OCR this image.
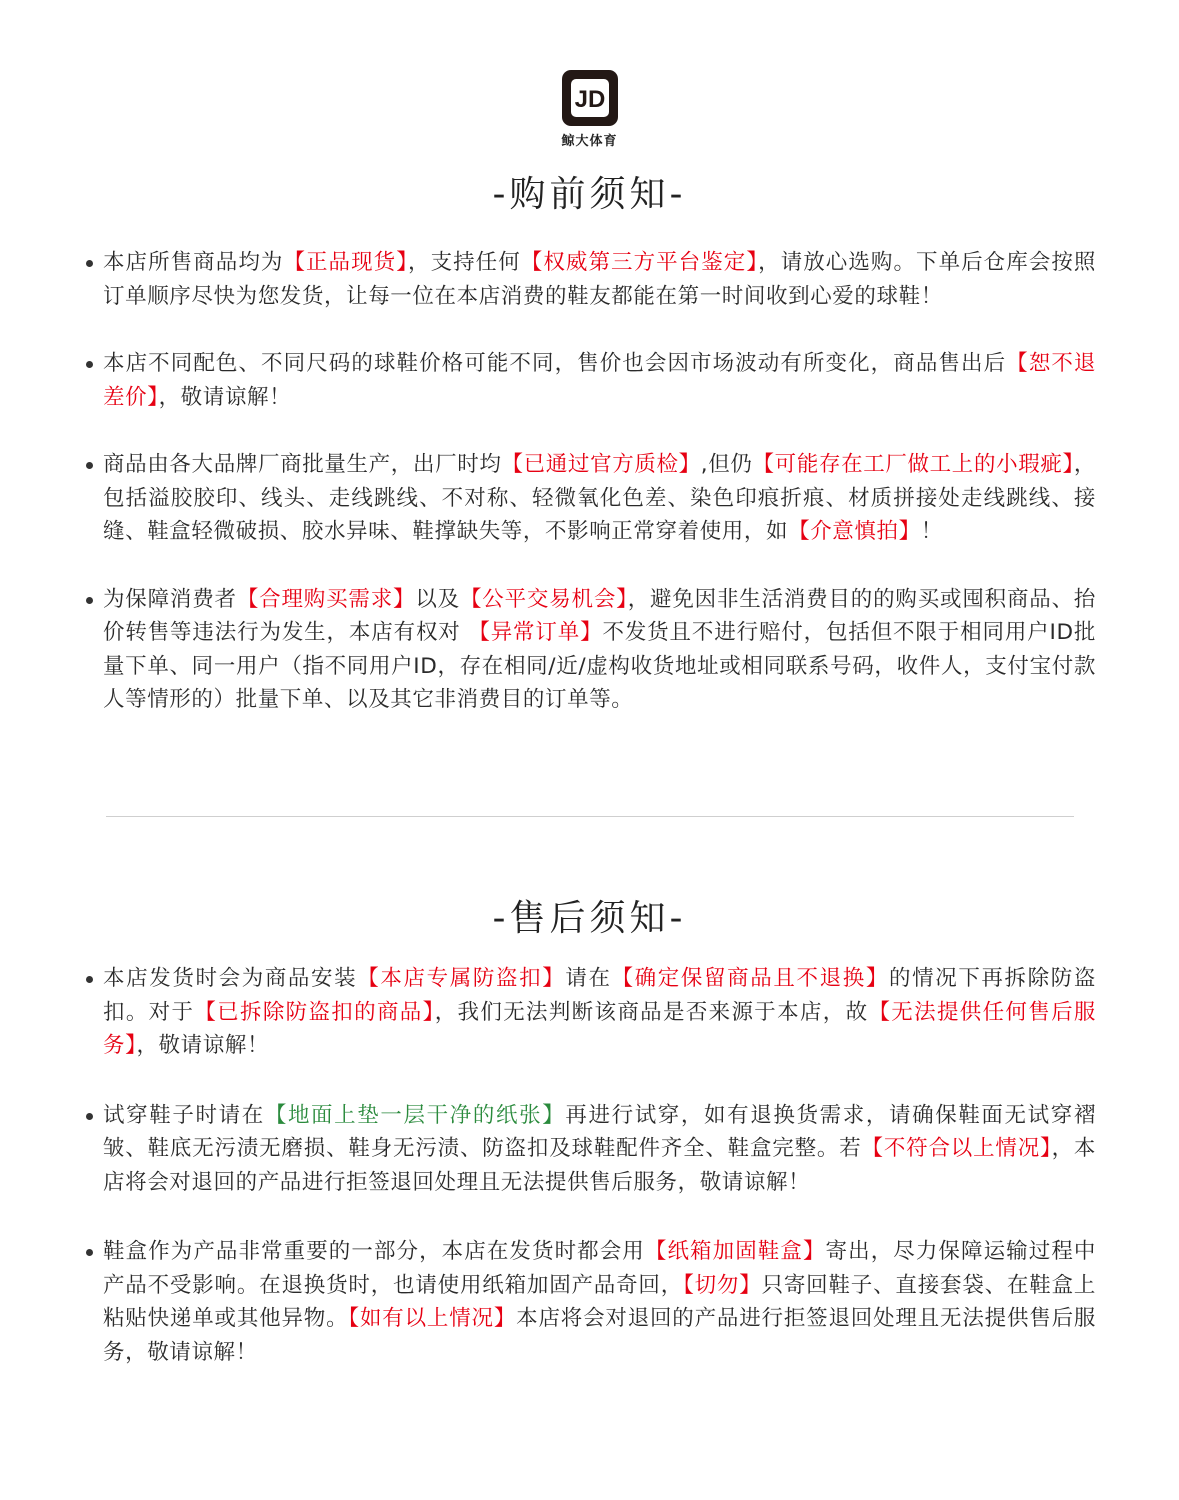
JD
鲸大体育
-购前须知-
本店所售商品均为【正品现货】，支持任何【权威第三方平台鉴定】，请放心选购。下单后仓库会按照订单顺序尽快为您发货，让每一位在本店消费的鞋友都能在第一时间收到心爱的球鞋！
本店不同配色、不同尺码的球鞋价格可能不同，售价也会因市场波动有所变化，商品售出后【恕不退差价】，敬请谅解！
商品由各大品牌厂商批量生产，出厂时均【已通过官方质检】,但仍【可能存在工厂做工上的小瑕疵】，包括溢胶胶印、线头、走线跳线、不对称、轻微氧化色差、染色印痕折痕、材质拼接处走线跳线、接缝、鞋盒轻微破损、胶水异味、鞋撑缺失等，不影响正常穿着使用，如【介意慎拍】！
为保障消费者【合理购买需求】以及【公平交易机会】，避免因非生活消费目的的购买或囤积商品、抬价转售等违法行为发生，本店有权对 【异常订单】不发货且不进行赔付，包括但不限于相同用户ID批量下单、同一用户（指不同用户ID，存在相同/近/虚构收货地址或相同联系号码，收件人，支付宝付款人等情形的）批量下单、以及其它非消费目的订单等。
-售后须知-
本店发货时会为商品安装【本店专属防盗扣】请在【确定保留商品且不退换】的情况下再拆除防盗扣。对于【已拆除防盗扣的商品】，我们无法判断该商品是否来源于本店，故【无法提供任何售后服务】，敬请谅解！
试穿鞋子时请在【地面上垫一层干净的纸张】再进行试穿，如有退换货需求，请确保鞋面无试穿褶皱、鞋底无污渍无磨损、鞋身无污渍、防盗扣及球鞋配件齐全、鞋盒完整。若【不符合以上情况】，本店将会对退回的产品进行拒签退回处理且无法提供售后服务，敬请谅解！
鞋盒作为产品非常重要的一部分，本店在发货时都会用【纸箱加固鞋盒】寄出，尽力保障运输过程中产品不受影响。在退换货时，也请使用纸箱加固产品奇回，【切勿】只寄回鞋子、直接套袋、在鞋盒上粘贴快递单或其他异物。【如有以上情况】本店将会对退回的产品进行拒签退回处理且无法提供售后服务，敬请谅解！
